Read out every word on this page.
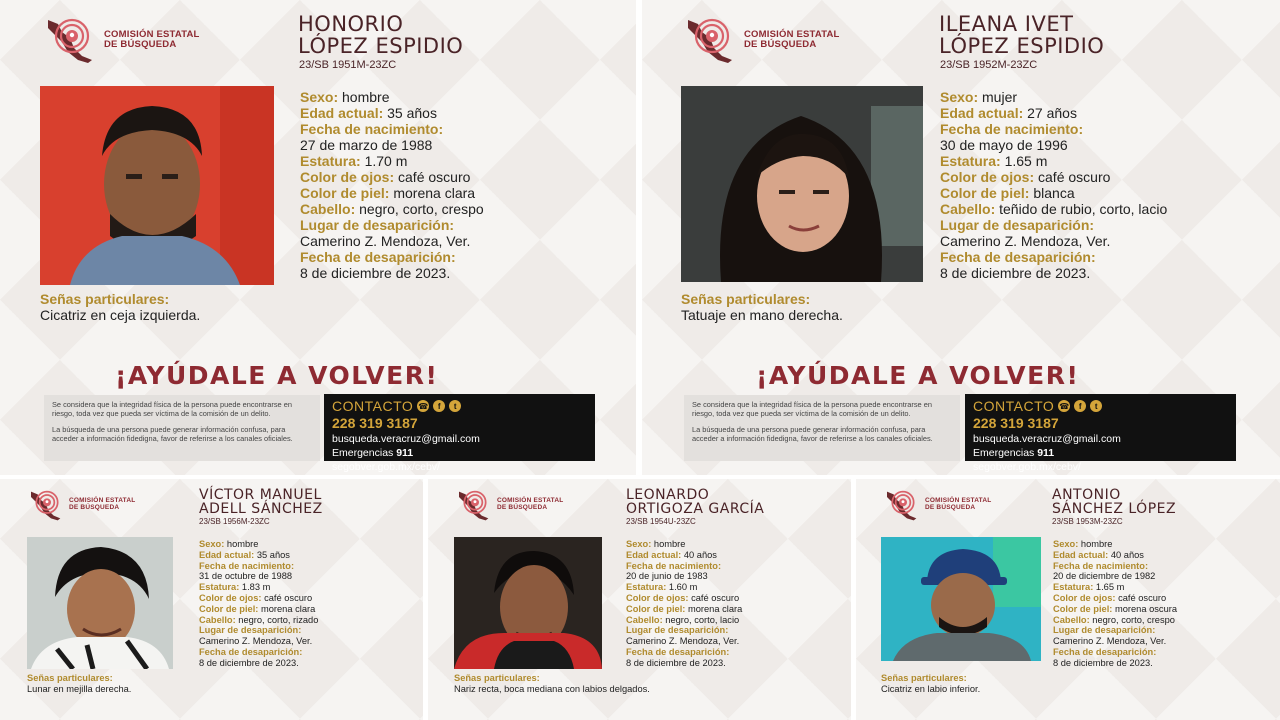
COMISIÓN ESTATAL
DE BÚSQUEDA
HONORIO
LÓPEZ ESPIDIO
23/SB 1951M-23ZC
Sexo: hombre
Edad actual: 35 años
Fecha de nacimiento:
27 de marzo de 1988
Estatura: 1.70 m
Color de ojos: café oscuro
Color de piel: morena clara
Cabello: negro, corto, crespo
Lugar de desaparición:
Camerino Z. Mendoza, Ver.
Fecha de desaparición:
8 de diciembre de 2023.
Señas particulares:
Cicatriz en ceja izquierda.
¡AYÚDALE A VOLVER!

Se considera que la integridad física de la persona puede encontrarse en riesgo, toda vez que pueda ser víctima de la comisión de un delito.

La búsqueda de una persona puede generar información confusa, para acceder a información fidedigna, favor de referirse a los canales oficiales.

CONTACTO ☎	f	t
228 319 3187
busqueda.veracruz@gmail.com
Emergencias 911
segobver.gob.mx/cebv/
COMISIÓN ESTATAL
DE BÚSQUEDA
ILEANA IVET
LÓPEZ ESPIDIO
23/SB 1952M-23ZC
Sexo: mujer
Edad actual: 27 años
Fecha de nacimiento:
30 de mayo de 1996
Estatura: 1.65 m
Color de ojos: café oscuro
Color de piel: blanca
Cabello: teñido de rubio, corto, lacio
Lugar de desaparición:
Camerino Z. Mendoza, Ver.
Fecha de desaparición:
8 de diciembre de 2023.
Señas particulares:
Tatuaje en mano derecha.
¡AYÚDALE A VOLVER!

Se considera que la integridad física de la persona puede encontrarse en riesgo, toda vez que pueda ser víctima de la comisión de un delito.

La búsqueda de una persona puede generar información confusa, para acceder a información fidedigna, favor de referirse a los canales oficiales.

CONTACTO ☎	f	t
228 319 3187
busqueda.veracruz@gmail.com
Emergencias 911
segobver.gob.mx/cebv/
COMISIÓN ESTATAL
DE BÚSQUEDA
VÍCTOR MANUEL
ADELL SÁNCHEZ
23/SB 1956M-23ZC
Sexo: hombre
Edad actual: 35 años
Fecha de nacimiento:
31 de octubre de 1988
Estatura: 1.83 m
Color de ojos: café oscuro
Color de piel: morena clara
Cabello: negro, corto, rizado
Lugar de desaparición:
Camerino Z. Mendoza, Ver.
Fecha de desaparición:
8 de diciembre de 2023.
Señas particulares:
Lunar en mejilla derecha.
COMISIÓN ESTATAL
DE BÚSQUEDA
LEONARDO
ORTIGOZA GARCÍA
23/SB 1954U-23ZC
Sexo: hombre
Edad actual: 40 años
Fecha de nacimiento:
20 de junio de 1983
Estatura: 1.60 m
Color de ojos: café oscuro
Color de piel: morena clara
Cabello: negro, corto, lacio
Lugar de desaparición:
Camerino Z. Mendoza, Ver.
Fecha de desaparición:
8 de diciembre de 2023.
Señas particulares:
Nariz recta, boca mediana con labios delgados.
COMISIÓN ESTATAL
DE BÚSQUEDA
ANTONIO
SÁNCHEZ LÓPEZ
23/SB 1953M-23ZC
Sexo: hombre
Edad actual: 40 años
Fecha de nacimiento:
20 de diciembre de 1982
Estatura: 1.65 m
Color de ojos: café oscuro
Color de piel: morena oscura
Cabello: negro, corto, crespo
Lugar de desaparición:
Camerino Z. Mendoza, Ver.
Fecha de desaparición:
8 de diciembre de 2023.
Señas particulares:
Cicatriz en labio inferior.
